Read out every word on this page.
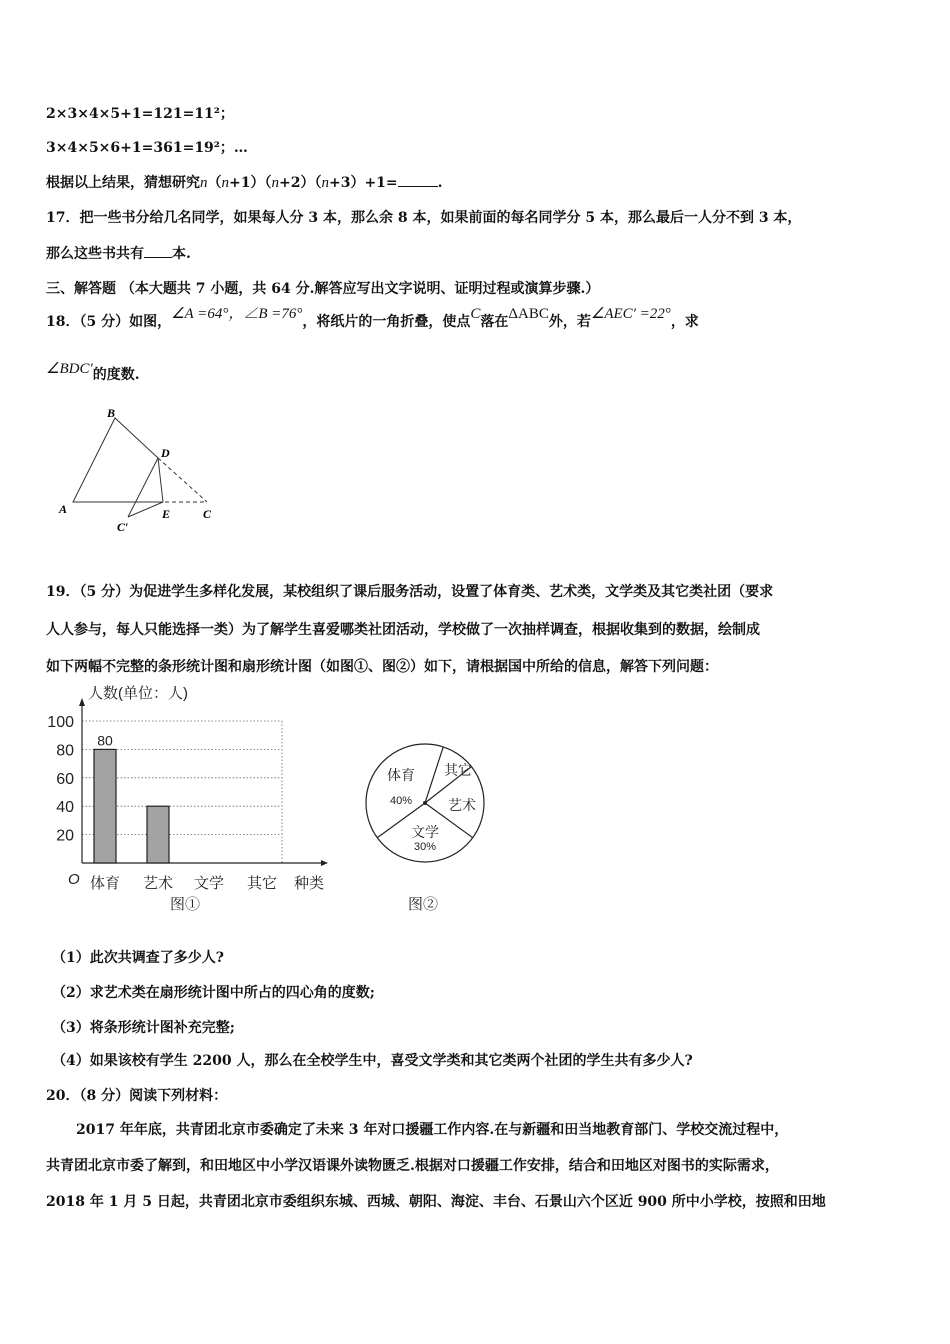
2×3×4×5+1=121=11²；
3×4×5×6+1=361=19²；…
根据以上结果，猜想研究n（n+1）（n+2）（n+3）+1=	.
17．把一些书分给几名同学，如果每人分 3 本，那么余 8 本，如果前面的每名同学分 5 本，那么最后一人分不到 3 本，
那么这些书共有 本.
三、解答题 （本大题共 7 小题，共 64 分.解答应写出文字说明、证明过程或演算步骤.）
18．（5 分）如图，∠A =64°，∠B =76°，将纸片的一角折叠，使点C落在ΔABC外，若∠AEC′ =22°，求
∠BDC′的度数.
B
D
A	E	C
C′
19．（5 分）为促进学生多样化发展，某校组织了课后服务活动，设置了体育类、艺术类，文学类及其它类社团（要求
人人参与，每人只能选择一类）为了解学生喜爱哪类社团活动，学校做了一次抽样调查，根据收集到的数据，绘制成
如下两幅不完整的条形统计图和扇形统计图（如图①、图②）如下，请根据国中所给的信息，解答下列问题：
20
40
60
80
100
人数(单位：人)
O	种类
80
体育 艺术 文学 其它
图①
体育
40%
其它
艺术
文学
30%
图②
（1）此次共调查了多少人?
（2）求艺术类在扇形统计图中所占的四心角的度数;
（3）将条形统计图补充完整;
（4）如果该校有学生 2200 人，那么在全校学生中，喜受文学类和其它类两个社团的学生共有多少人?
20．（8 分）阅读下列材料：
2017 年年底，共青团北京市委确定了未来 3 年对口援疆工作内容.在与新疆和田当地教育部门、学校交流过程中，
共青团北京市委了解到，和田地区中小学汉语课外读物匮乏.根据对口援疆工作安排，结合和田地区对图书的实际需求，
2018 年 1 月 5 日起，共青团北京市委组织东城、西城、朝阳、海淀、丰台、石景山六个区近 900 所中小学校，按照和田地
